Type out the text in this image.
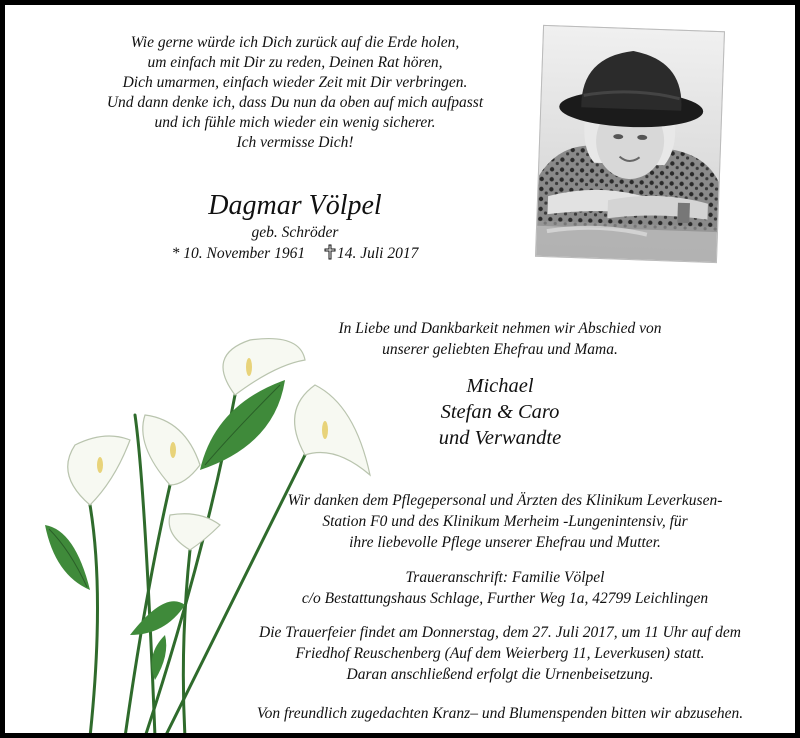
Wie gerne würde ich Dich zurück auf die Erde holen,
um einfach mit Dir zu reden, Deinen Rat hören,
Dich umarmen, einfach wieder Zeit mit Dir verbringen.
Und dann denke ich, dass Du nun da oben auf mich aufpasst
und ich fühle mich wieder ein wenig sicherer.
Ich vermisse Dich!
Dagmar Völpel
geb. Schröder
* 10. November 1961 14. Juli 2017
In Liebe und Dankbarkeit nehmen wir Abschied von
unserer geliebten Ehefrau und Mama.
Michael
Stefan & Caro
und Verwandte
Wir danken dem Pflegepersonal und Ärzten des Klinikum Leverkusen-
Station F0 und des Klinikum Merheim -Lungenintensiv, für
ihre liebevolle Pflege unserer Ehefrau und Mutter.
Traueranschrift: Familie Völpel
c/o Bestattungshaus Schlage, Further Weg 1a, 42799 Leichlingen
Die Trauerfeier findet am Donnerstag, dem 27. Juli 2017, um 11 Uhr auf dem
Friedhof Reuschenberg (Auf dem Weierberg 11, Leverkusen) statt.
Daran anschließend erfolgt die Urnenbeisetzung.
Von freundlich zugedachten Kranz– und Blumenspenden bitten wir abzusehen.
